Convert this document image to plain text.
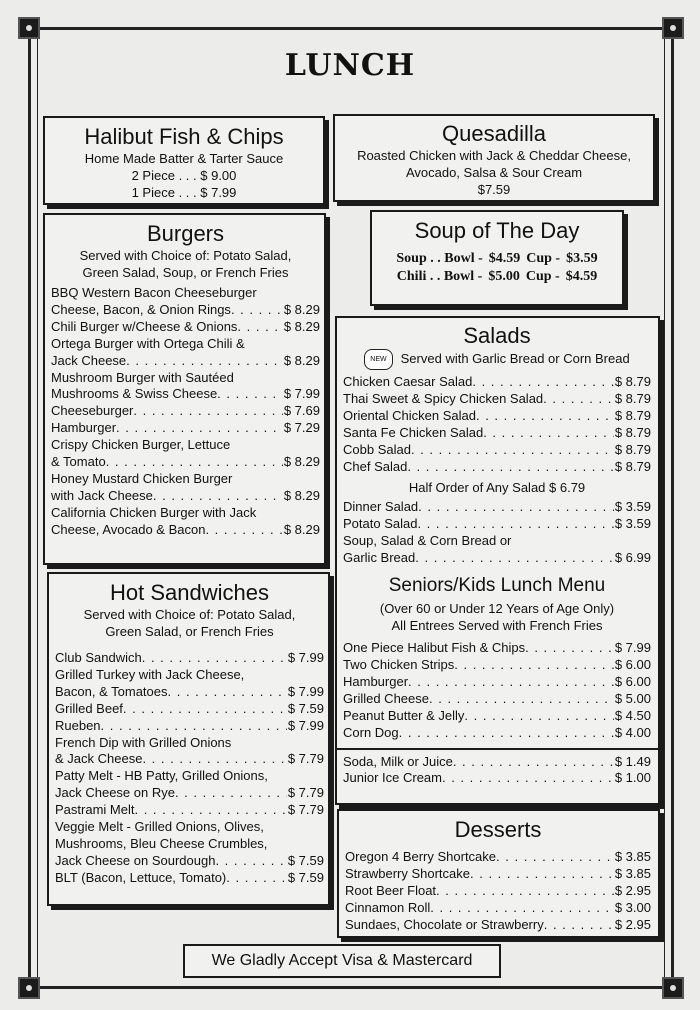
LUNCH
Halibut Fish & Chips
Home Made Batter & Tarter Sauce
2 Piece . . . $ 9.00
1 Piece . . . $ 7.99
Quesadilla
Roasted Chicken with Jack & Cheddar Cheese,
Avocado, Salsa & Sour Cream
$7.59
Burgers
Served with Choice of: Potato Salad,
Green Salad, Soup, or French Fries
BBQ Western Bacon Cheeseburger
Cheese, Bacon, & Onion Rings . . .	$ 8.29
Chili Burger w/Cheese & Onions . . .	$ 8.29
Ortega Burger with Ortega Chili &
Jack Cheese . . .	$ 8.29
Mushroom Burger with Sautéed
Mushrooms & Swiss Cheese . . .	$ 7.99
Cheeseburger . . .	$ 7.69
Hamburger . . .	$ 7.29
Crispy Chicken Burger, Lettuce
& Tomato . . .	$ 8.29
Honey Mustard Chicken Burger
with Jack Cheese . . .	$ 8.29
California Chicken Burger with Jack
Cheese, Avocado & Bacon . . .	$ 8.29
Hot Sandwiches
Served with Choice of: Potato Salad,
Green Salad, or French Fries
Club Sandwich . . .	$ 7.99
Grilled Turkey with Jack Cheese,
Bacon, & Tomatoes . . .	$ 7.99
Grilled Beef . . .	$ 7.59
Rueben . . .	$ 7.99
French Dip with Grilled Onions
& Jack Cheese . . .	$ 7.79
Patty Melt - HB Patty, Grilled Onions,
Jack Cheese on Rye . . .	$ 7.79
Pastrami Melt . . .	$ 7.79
Veggie Melt - Grilled Onions, Olives,
Mushrooms, Bleu Cheese Crumbles,
Jack Cheese on Sourdough . . .	$ 7.59
BLT (Bacon, Lettuce, Tomato) . . .	$ 7.59
Soup of The Day
Soup . . Bowl - $4.59 Cup - $3.59
Chili . . Bowl - $5.00 Cup - $4.59
Salads
NEW Served with Garlic Bread or Corn Bread
Chicken Caesar Salad . . .	$ 8.79
Thai Sweet & Spicy Chicken Salad . . .	$ 8.79
Oriental Chicken Salad . . .	$ 8.79
Santa Fe Chicken Salad . . .	$ 8.79
Cobb Salad . . .	$ 8.79
Chef Salad . . .	$ 8.79
Half Order of Any Salad $ 6.79
Dinner Salad . . .	$ 3.59
Potato Salad . . .	$ 3.59
Soup, Salad & Corn Bread or
Garlic Bread . . .	$ 6.99
Seniors/Kids Lunch Menu
(Over 60 or Under 12 Years of Age Only)
All Entrees Served with French Fries
One Piece Halibut Fish & Chips . . .	$ 7.99
Two Chicken Strips . . .	$ 6.00
Hamburger . . .	$ 6.00
Grilled Cheese . . .	$ 5.00
Peanut Butter & Jelly . . .	$ 4.50
Corn Dog . . .	$ 4.00
Soda, Milk or Juice . . .	$ 1.49
Junior Ice Cream . . .	$ 1.00
Desserts
Oregon 4 Berry Shortcake . . .	$ 3.85
Strawberry Shortcake . . .	$ 3.85
Root Beer Float . . .	$ 2.95
Cinnamon Roll . . .	$ 3.00
Sundaes, Chocolate or Strawberry . . .	$ 2.95
We Gladly Accept Visa & Mastercard
